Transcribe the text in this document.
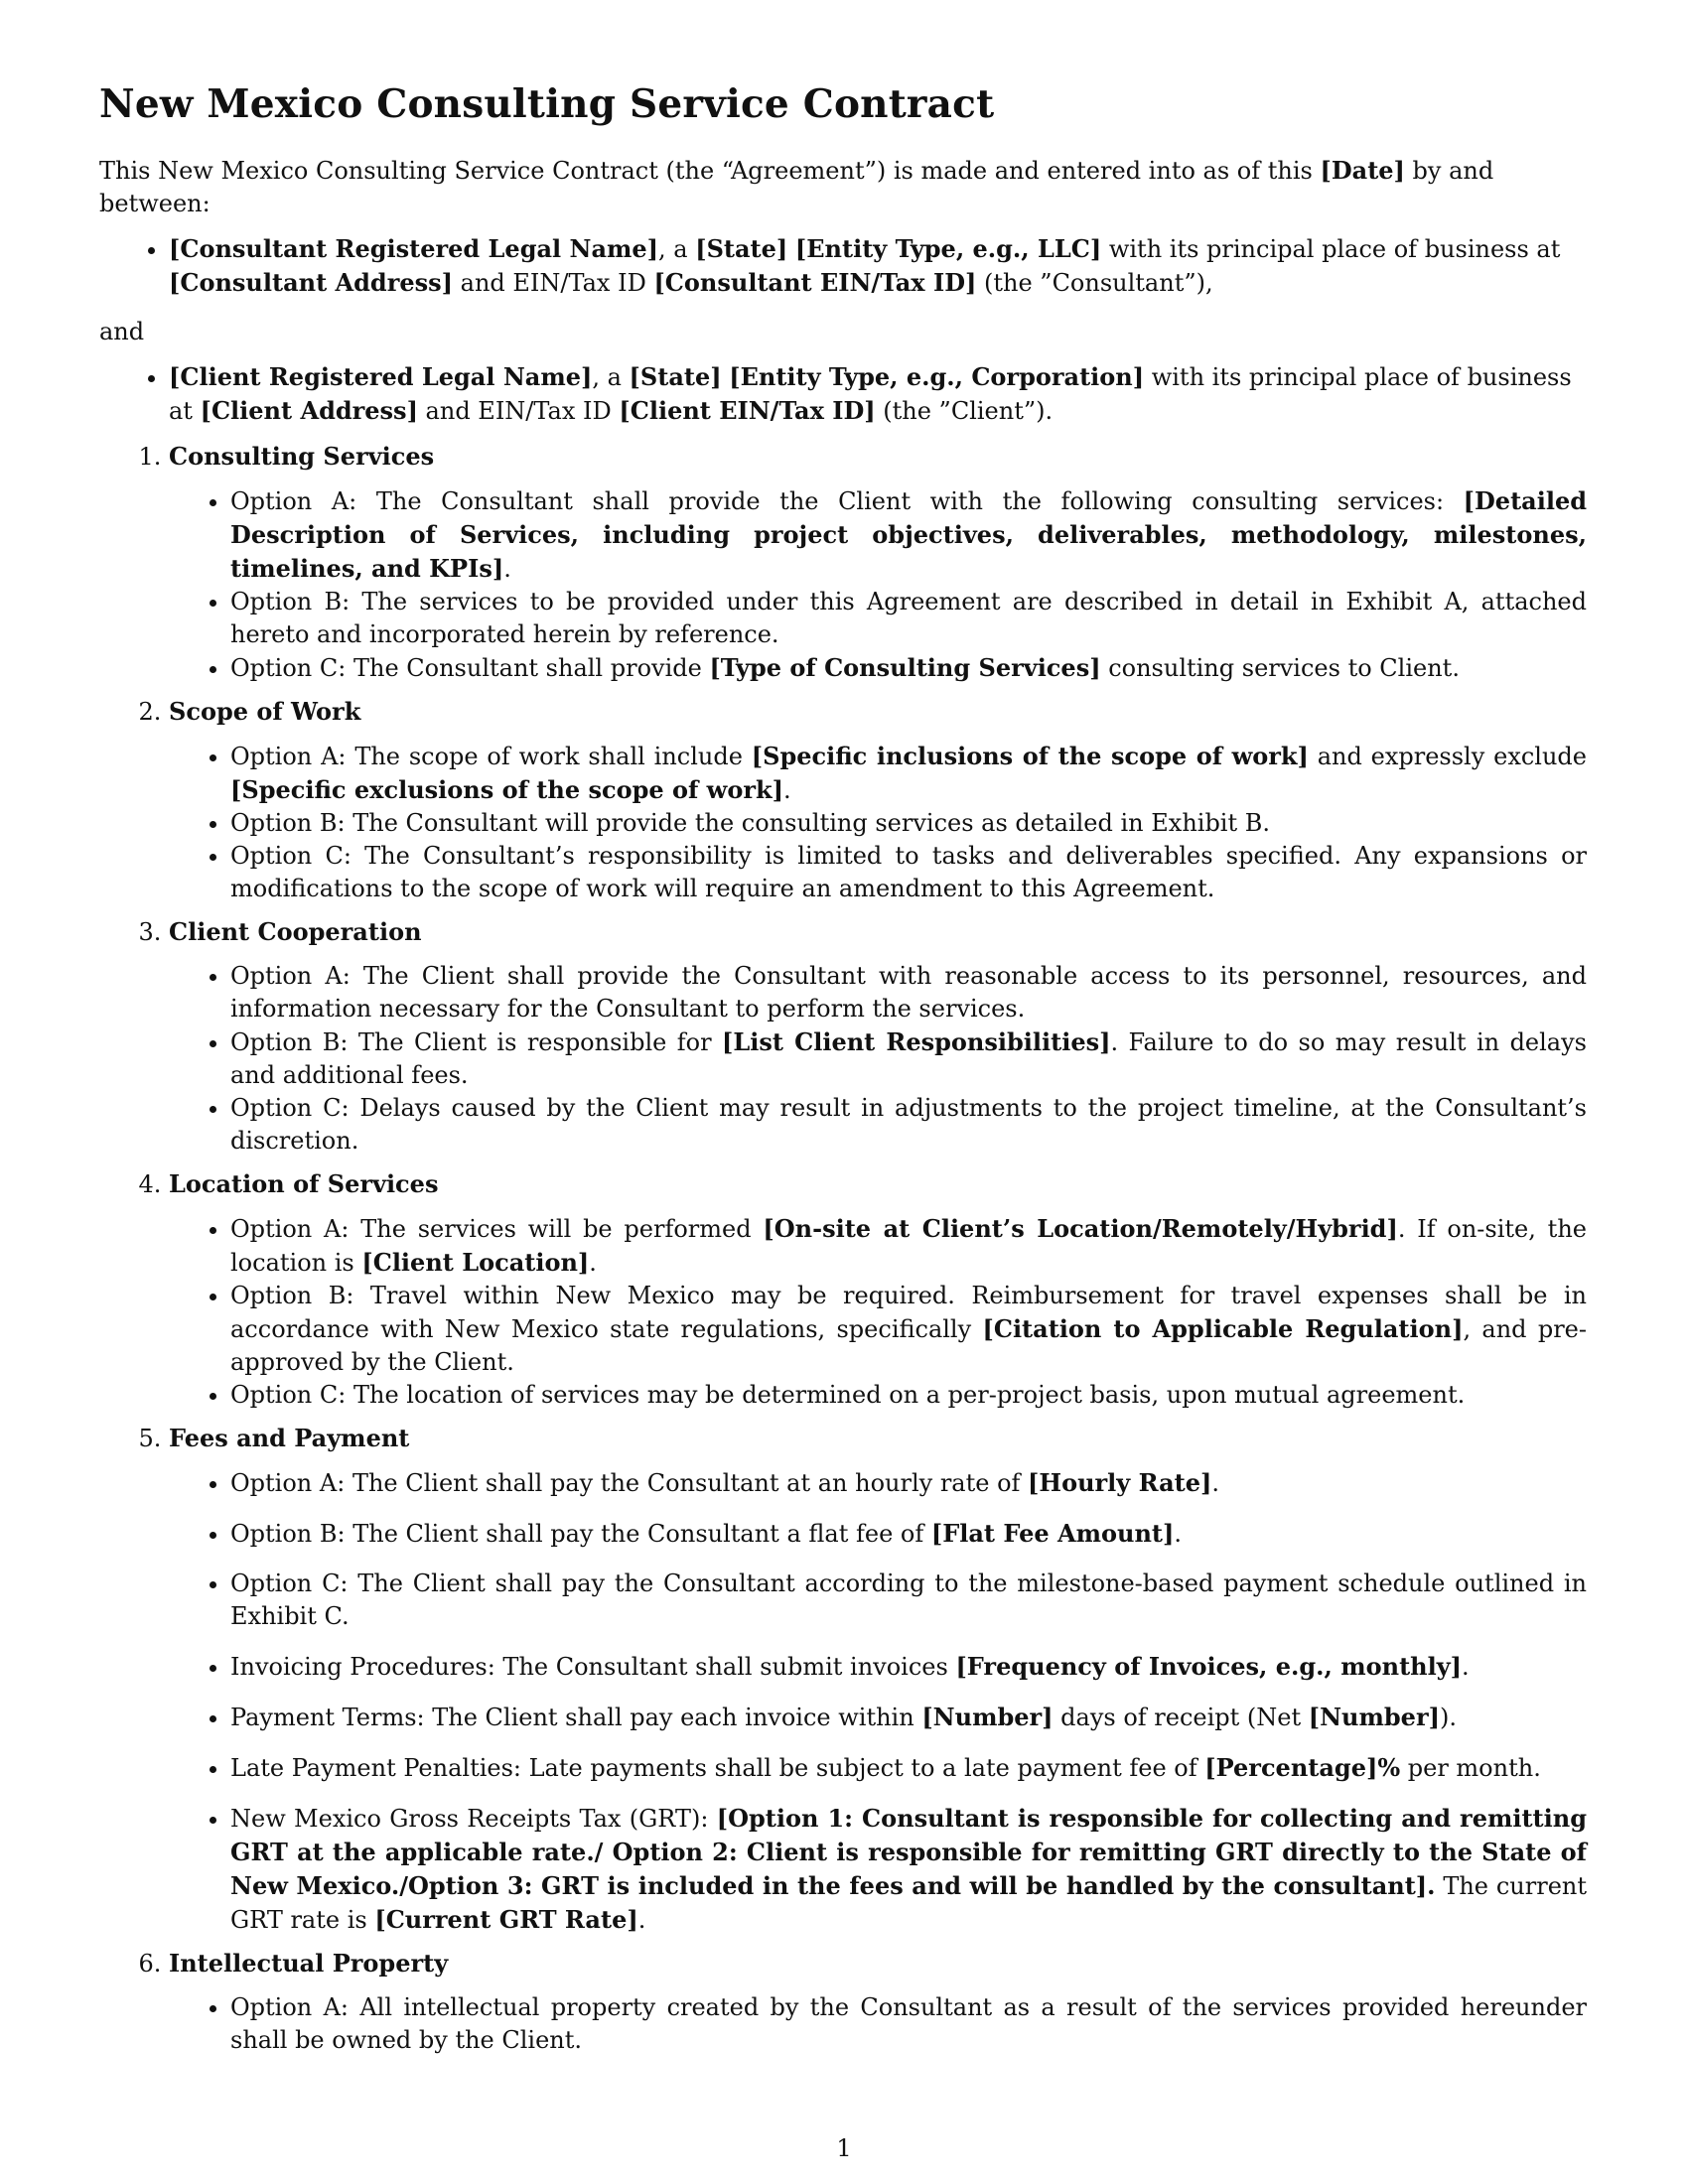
New Mexico Consulting Service Contract

This New Mexico Consulting Service Contract (the “Agreement”) is made and entered into as of this [Date] by and between:

• [Consultant Registered Legal Name], a [State] [Entity Type, e.g., LLC] with its principal place of business at [Consultant Address] and EIN/Tax ID [Consultant EIN/Tax ID] (the ”Consultant”),

and

• [Client Registered Legal Name], a [State] [Entity Type, e.g., Corporation] with its principal place of business at [Client Address] and EIN/Tax ID [Client EIN/Tax ID] (the ”Client”).
1. Consulting Services
• Option A: The Consultant shall provide the Client with the following consulting services: [Detailed Description of Services, including project objectives, deliverables, methodology, milestones, timelines, and KPIs].
• Option B: The services to be provided under this Agreement are described in detail in Exhibit A, attached hereto and incorporated herein by reference.
• Option C: The Consultant shall provide [Type of Consulting Services] consulting services to Client.
2. Scope of Work
• Option A: The scope of work shall include [Specific inclusions of the scope of work] and expressly exclude [Specific exclusions of the scope of work].
• Option B: The Consultant will provide the consulting services as detailed in Exhibit B.
• Option C: The Consultant’s responsibility is limited to tasks and deliverables specified. Any expansions or modifications to the scope of work will require an amendment to this Agreement.
3. Client Cooperation
• Option A: The Client shall provide the Consultant with reasonable access to its personnel, resources, and information necessary for the Consultant to perform the services.
• Option B: The Client is responsible for [List Client Responsibilities]. Failure to do so may result in delays and additional fees.
• Option C: Delays caused by the Client may result in adjustments to the project timeline, at the Consultant’s discretion.
4. Location of Services
• Option A: The services will be performed [On-site at Client’s Location/Remotely/Hybrid]. If on-site, the location is [Client Location].
• Option B: Travel within New Mexico may be required. Reimbursement for travel expenses shall be in accordance with New Mexico state regulations, specifically [Citation to Applicable Regulation], and pre-approved by the Client.
• Option C: The location of services may be determined on a per-project basis, upon mutual agreement.
5. Fees and Payment
• Option A: The Client shall pay the Consultant at an hourly rate of [Hourly Rate].
• Option B: The Client shall pay the Consultant a flat fee of [Flat Fee Amount].
• Option C: The Client shall pay the Consultant according to the milestone-based payment schedule outlined in Exhibit C.
• Invoicing Procedures: The Consultant shall submit invoices [Frequency of Invoices, e.g., monthly].
• Payment Terms: The Client shall pay each invoice within [Number] days of receipt (Net [Number]).
• Late Payment Penalties: Late payments shall be subject to a late payment fee of [Percentage]% per month.
• New Mexico Gross Receipts Tax (GRT): [Option 1: Consultant is responsible for collecting and remitting GRT at the applicable rate./ Option 2: Client is responsible for remitting GRT directly to the State of New Mexico./Option 3: GRT is included in the fees and will be handled by the consultant]. The current GRT rate is [Current GRT Rate].
6. Intellectual Property
• Option A: All intellectual property created by the Consultant as a result of the services provided hereunder shall be owned by the Client.
1
